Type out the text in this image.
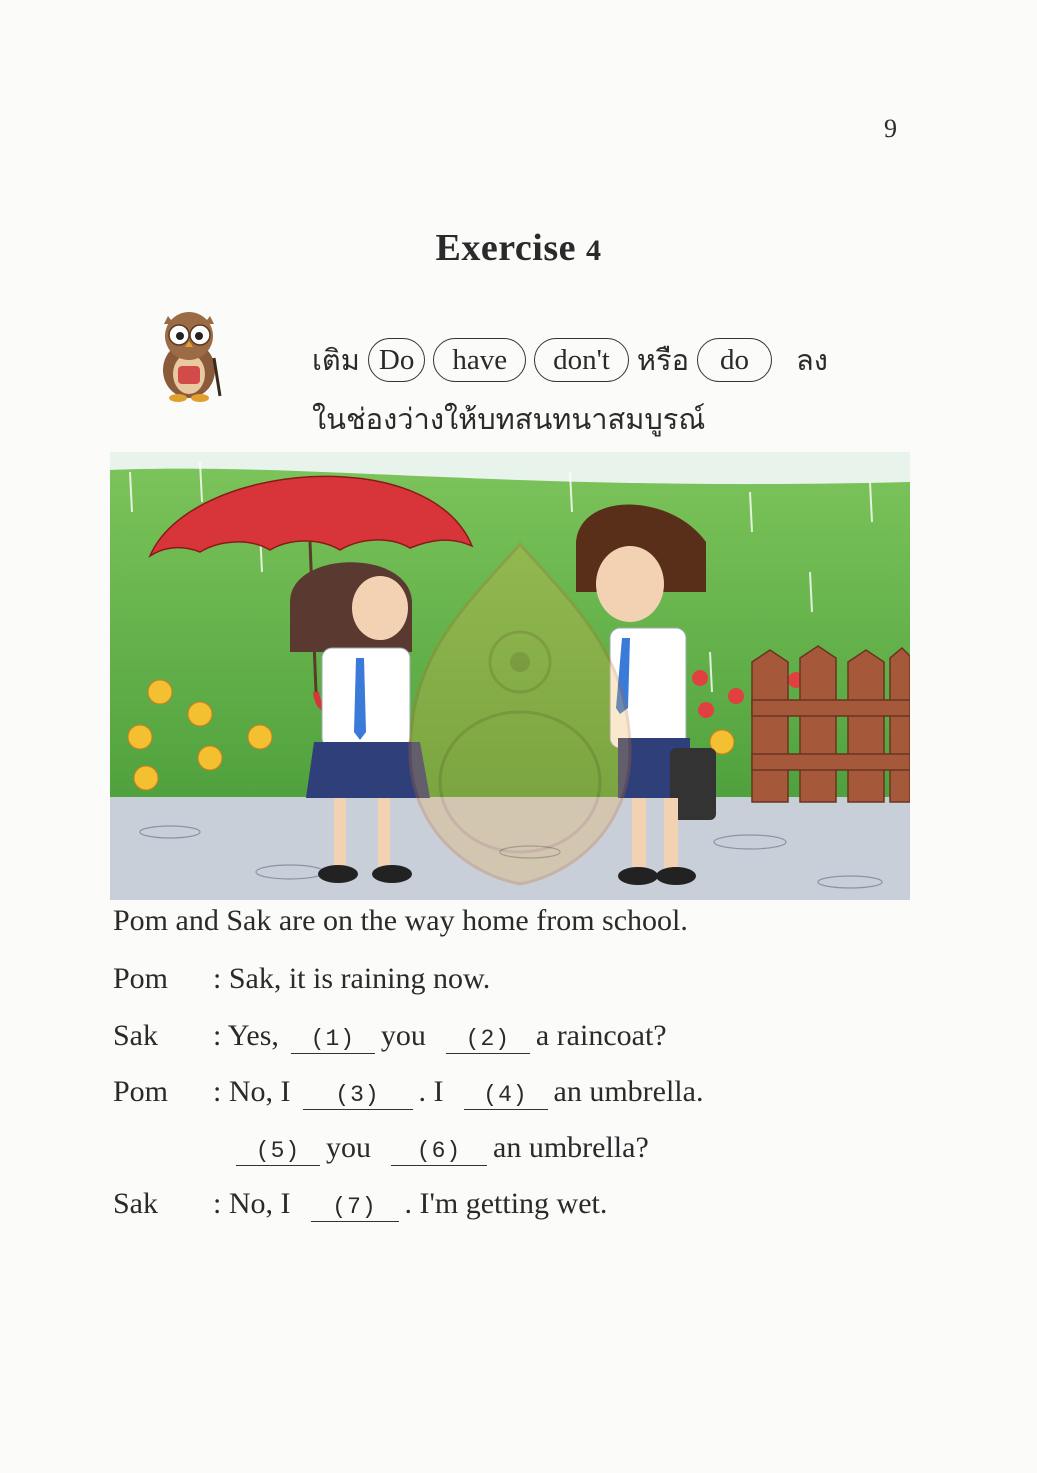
9
Exercise 4
เติม Do	have	don't หรือ	do	ลง
ในช่องว่างให้บทสนทนาสมบูรณ์
Pom and Sak are on the way home from school.
Pom : Sak, it is raining now.
Sak : Yes, (1) you (2) a raincoat?
Pom : No, I (3) . I (4) an umbrella.
(5) you (6) an umbrella?
Sak : No, I (7) . I'm getting wet.
